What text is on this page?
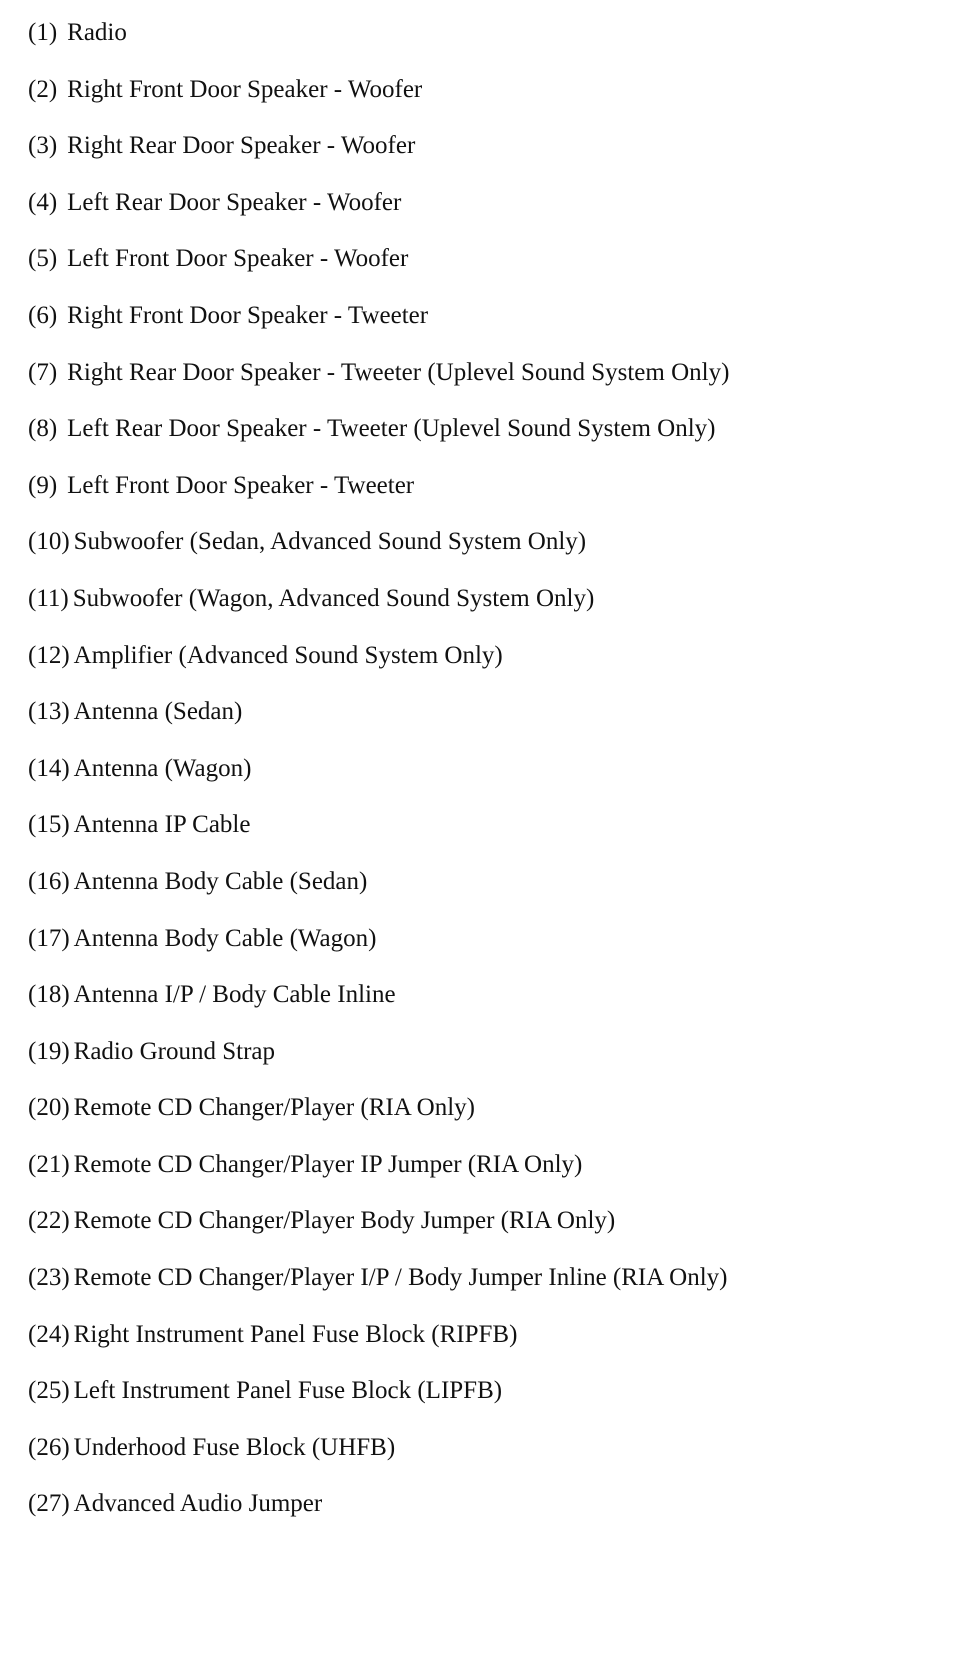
(1) Radio
(2) Right Front Door Speaker - Woofer
(3) Right Rear Door Speaker - Woofer
(4) Left Rear Door Speaker - Woofer
(5) Left Front Door Speaker - Woofer
(6) Right Front Door Speaker - Tweeter
(7) Right Rear Door Speaker - Tweeter (Uplevel Sound System Only)
(8) Left Rear Door Speaker - Tweeter (Uplevel Sound System Only)
(9) Left Front Door Speaker - Tweeter
(10) Subwoofer (Sedan, Advanced Sound System Only)
(11) Subwoofer (Wagon, Advanced Sound System Only)
(12) Amplifier (Advanced Sound System Only)
(13) Antenna (Sedan)
(14) Antenna (Wagon)
(15) Antenna IP Cable
(16) Antenna Body Cable (Sedan)
(17) Antenna Body Cable (Wagon)
(18) Antenna I/P / Body Cable Inline
(19) Radio Ground Strap
(20) Remote CD Changer/Player (RIA Only)
(21) Remote CD Changer/Player IP Jumper (RIA Only)
(22) Remote CD Changer/Player Body Jumper (RIA Only)
(23) Remote CD Changer/Player I/P / Body Jumper Inline (RIA Only)
(24) Right Instrument Panel Fuse Block (RIPFB)
(25) Left Instrument Panel Fuse Block (LIPFB)
(26) Underhood Fuse Block (UHFB)
(27) Advanced Audio Jumper
